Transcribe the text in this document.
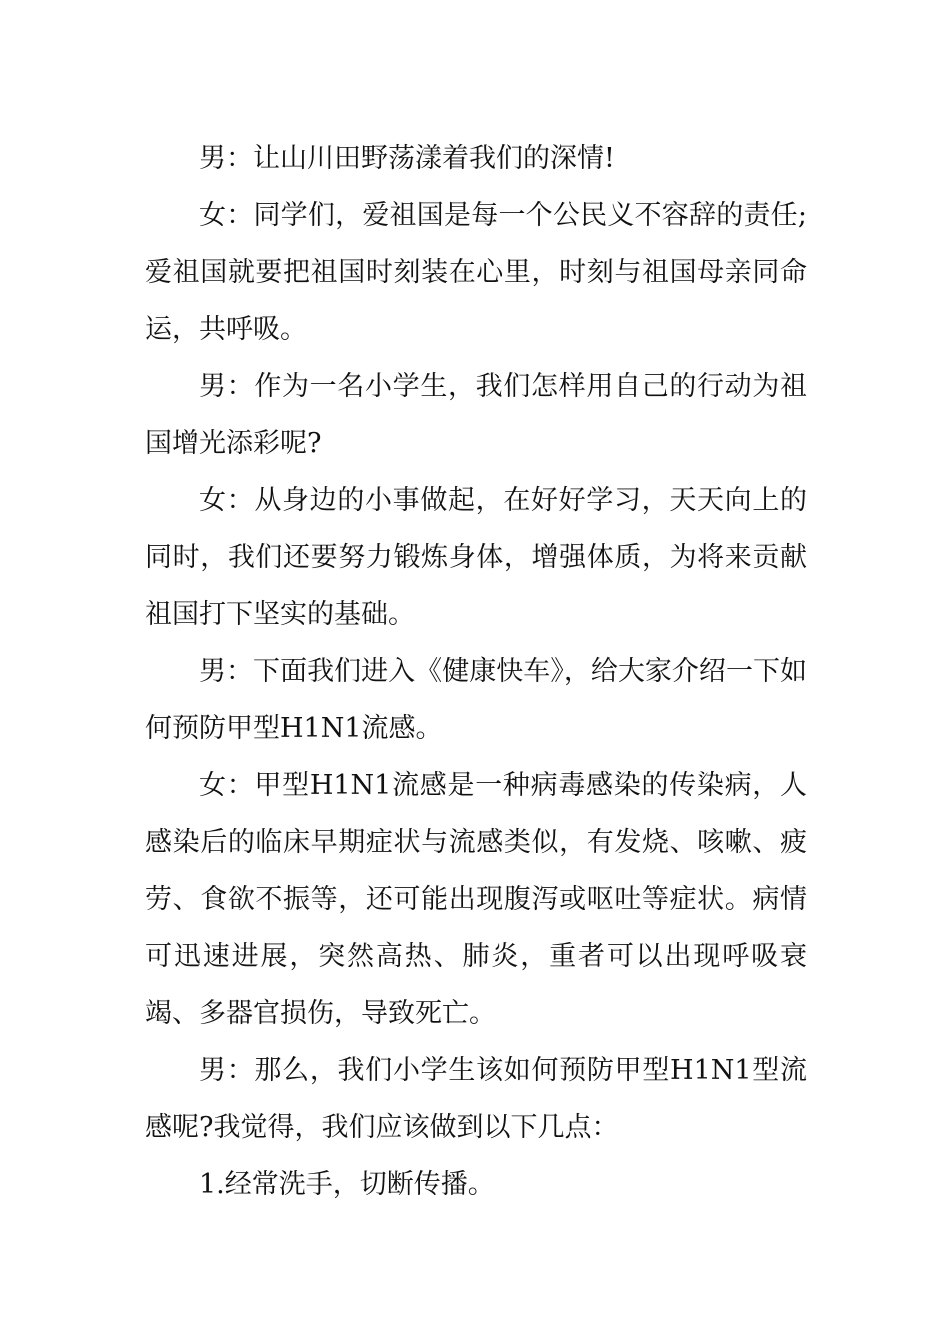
男：让山川田野荡漾着我们的深情!

女：同学们，爱祖国是每一个公民义不容辞的责任;爱祖国就要把祖国时刻装在心里，时刻与祖国母亲同命运，共呼吸。

男：作为一名小学生，我们怎样用自己的行动为祖国增光添彩呢?

女：从身边的小事做起，在好好学习，天天向上的同时，我们还要努力锻炼身体，增强体质，为将来贡献祖国打下坚实的基础。

男：下面我们进入《健康快车》，给大家介绍一下如何预防甲型H1N1流感。

女：甲型H1N1流感是一种病毒感染的传染病，人感染后的临床早期症状与流感类似，有发烧、咳嗽、疲劳、食欲不振等，还可能出现腹泻或呕吐等症状。病情可迅速进展，突然高热、肺炎，重者可以出现呼吸衰竭、多器官损伤，导致死亡。

男：那么，我们小学生该如何预防甲型H1N1型流感呢?我觉得，我们应该做到以下几点：

1.经常洗手，切断传播。
